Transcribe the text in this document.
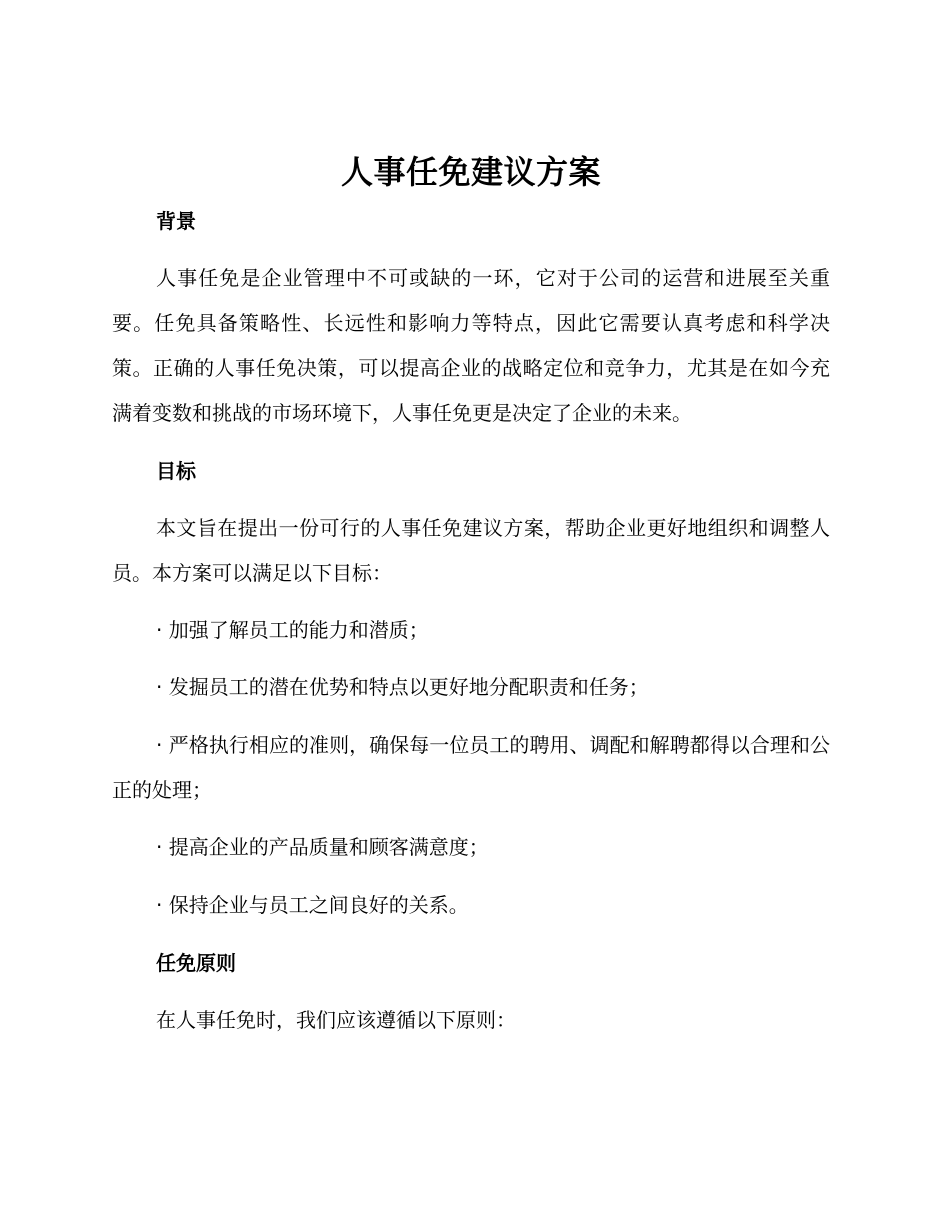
人事任免建议方案
背景

人事任免是企业管理中不可或缺的一环，它对于公司的运营和进展至关重要。任免具备策略性、长远性和影响力等特点，因此它需要认真考虑和科学决策。正确的人事任免决策，可以提高企业的战略定位和竞争力，尤其是在如今充满着变数和挑战的市场环境下，人事任免更是决定了企业的未来。

目标

本文旨在提出一份可行的人事任免建议方案，帮助企业更好地组织和调整人员。本方案可以满足以下目标：

· 加强了解员工的能力和潜质；

· 发掘员工的潜在优势和特点以更好地分配职责和任务；

· 严格执行相应的准则，确保每一位员工的聘用、调配和解聘都得以合理和公正的处理；

· 提高企业的产品质量和顾客满意度；

· 保持企业与员工之间良好的关系。

任免原则

在人事任免时，我们应该遵循以下原则：
